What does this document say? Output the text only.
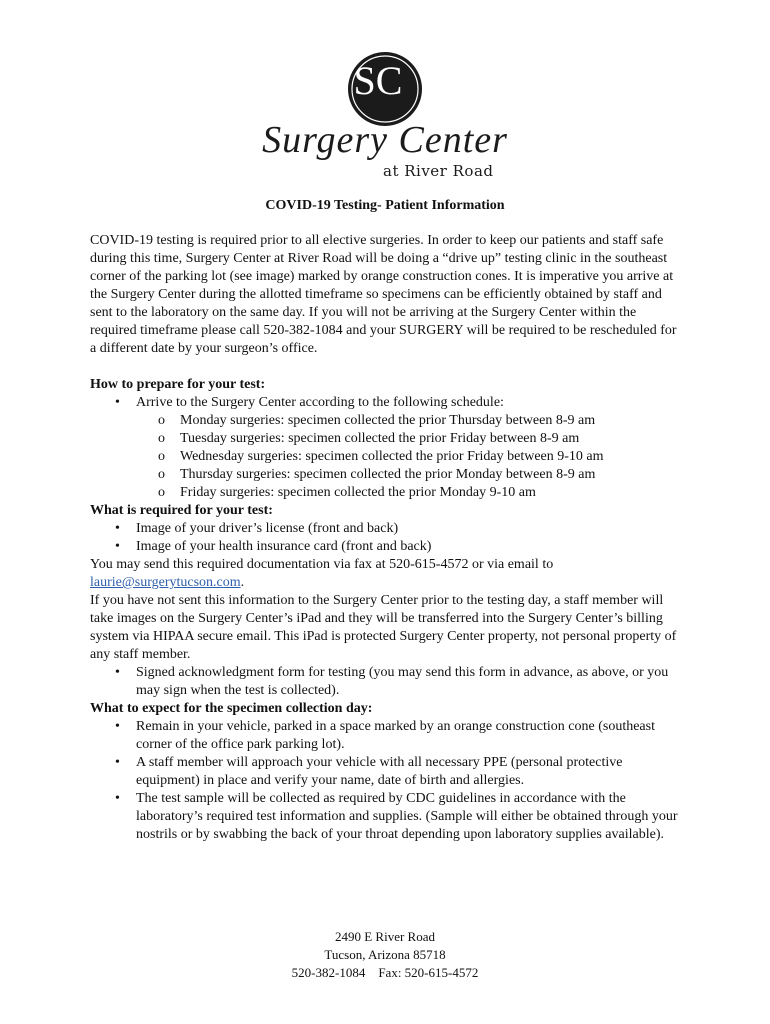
SC
Surgery Center
at River Road
COVID-19 Testing- Patient Information

COVID-19 testing is required prior to all elective surgeries. In order to keep our patients and staff safe during this time, Surgery Center at River Road will be doing a “drive up” testing clinic in the southeast corner of the parking lot (see image) marked by orange construction cones. It is imperative you arrive at the Surgery Center during the allotted timeframe so specimens can be efficiently obtained by staff and sent to the laboratory on the same day. If you will not be arriving at the Surgery Center within the required timeframe please call 520-382-1084 and your SURGERY will be required to be rescheduled for a different date by your surgeon’s office.

How to prepare for your test:

• Arrive to the Surgery Center according to the following schedule:
o Monday surgeries: specimen collected the prior Thursday between 8-9 am
o Tuesday surgeries: specimen collected the prior Friday between 8-9 am
o Wednesday surgeries: specimen collected the prior Friday between 9-10 am
o Thursday surgeries: specimen collected the prior Monday between 8-9 am
o Friday surgeries: specimen collected the prior Monday 9-10 am

What is required for your test:

• Image of your driver’s license (front and back)
• Image of your health insurance card (front and back)

You may send this required documentation via fax at 520-615-4572 or via email to
laurie@surgerytucson.com.

If you have not sent this information to the Surgery Center prior to the testing day, a staff member will take images on the Surgery Center’s iPad and they will be transferred into the Surgery Center’s billing system via HIPAA secure email. This iPad is protected Surgery Center property, not personal property of any staff member.

• Signed acknowledgment form for testing (you may send this form in advance, as above, or you may sign when the test is collected).

What to expect for the specimen collection day:

• Remain in your vehicle, parked in a space marked by an orange construction cone (southeast corner of the office park parking lot).
• A staff member will approach your vehicle with all necessary PPE (personal protective equipment) in place and verify your name, date of birth and allergies.
• The test sample will be collected as required by CDC guidelines in accordance with the laboratory’s required test information and supplies. (Sample will either be obtained through your nostrils or by swabbing the back of your throat depending upon laboratory supplies available).
2490 E River Road
Tucson, Arizona 85718
520-382-1084    Fax: 520-615-4572
